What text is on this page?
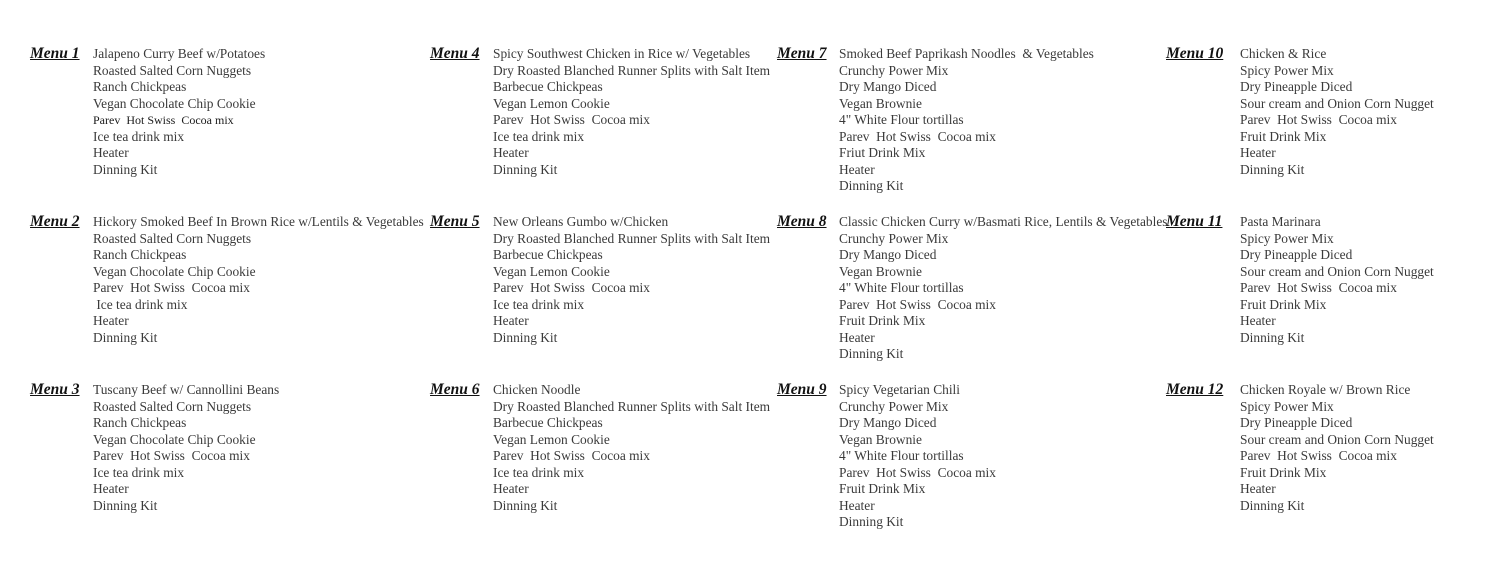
Menu 1 Jalapeno Curry Beef w/Potatoes
Roasted Salted Corn Nuggets
Ranch Chickpeas
Vegan Chocolate Chip Cookie
Parev  Hot Swiss  Cocoa mix
Ice tea drink mix
Heater
Dinning Kit
Menu 2 Hickory Smoked Beef In Brown Rice w/Lentils & Vegetables
Roasted Salted Corn Nuggets
Ranch Chickpeas
Vegan Chocolate Chip Cookie
Parev  Hot Swiss  Cocoa mix
Ice tea drink mix
Heater
Dinning Kit
Menu 3 Tuscany Beef w/ Cannollini Beans
Roasted Salted Corn Nuggets
Ranch Chickpeas
Vegan Chocolate Chip Cookie
Parev  Hot Swiss  Cocoa mix
Ice tea drink mix
Heater
Dinning Kit
Menu 4 Spicy Southwest Chicken in Rice w/ Vegetables
Dry Roasted Blanched Runner Splits with Salt Item
Barbecue Chickpeas
Vegan Lemon Cookie
Parev  Hot Swiss  Cocoa mix
Ice tea drink mix
Heater
Dinning Kit
Menu 5 New Orleans Gumbo w/Chicken
Dry Roasted Blanched Runner Splits with Salt Item
Barbecue Chickpeas
Vegan Lemon Cookie
Parev  Hot Swiss  Cocoa mix
Ice tea drink mix
Heater
Dinning Kit
Menu 6 Chicken Noodle
Dry Roasted Blanched Runner Splits with Salt Item
Barbecue Chickpeas
Vegan Lemon Cookie
Parev  Hot Swiss  Cocoa mix
Ice tea drink mix
Heater
Dinning Kit
Menu 7 Smoked Beef Paprikash Noodles  & Vegetables
Crunchy Power Mix
Dry Mango Diced
Vegan Brownie
4" White Flour tortillas
Parev  Hot Swiss  Cocoa mix
Friut Drink Mix
Heater
Dinning Kit
Menu 8 Classic Chicken Curry w/Basmati Rice, Lentils & Vegetables
Crunchy Power Mix
Dry Mango Diced
Vegan Brownie
4" White Flour tortillas
Parev  Hot Swiss  Cocoa mix
Fruit Drink Mix
Heater
Dinning Kit
Menu 9 Spicy Vegetarian Chili
Crunchy Power Mix
Dry Mango Diced
Vegan Brownie
4" White Flour tortillas
Parev  Hot Swiss  Cocoa mix
Fruit Drink Mix
Heater
Dinning Kit
Menu 10 Chicken & Rice
Spicy Power Mix
Dry Pineapple Diced
Sour cream and Onion Corn Nugget
Parev  Hot Swiss  Cocoa mix
Fruit Drink Mix
Heater
Dinning Kit
Menu 11 Pasta Marinara
Spicy Power Mix
Dry Pineapple Diced
Sour cream and Onion Corn Nugget
Parev  Hot Swiss  Cocoa mix
Fruit Drink Mix
Heater
Dinning Kit
Menu 12 Chicken Royale w/ Brown Rice
Spicy Power Mix
Dry Pineapple Diced
Sour cream and Onion Corn Nugget
Parev  Hot Swiss  Cocoa mix
Fruit Drink Mix
Heater
Dinning Kit
